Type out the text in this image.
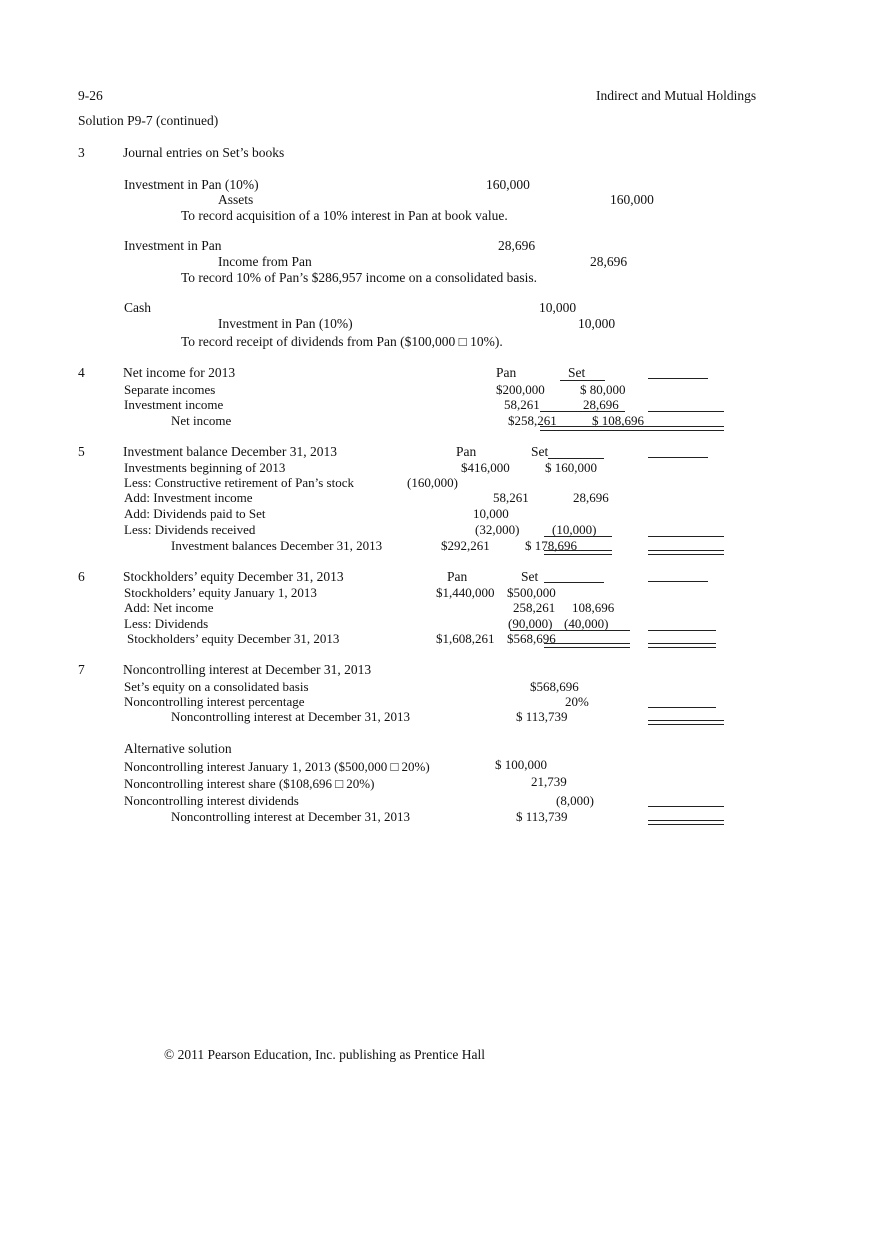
9-26	Indirect and Mutual Holdings
Solution P9-7 (continued)
3	Journal entries on Set’s books
Investment in Pan (10%)	160,000
Assets	160,000
To record acquisition of a 10% interest in Pan at book value.
Investment in Pan	28,696
Income from Pan	28,696
To record 10% of Pan’s $286,957 income on a consolidated basis.
Cash	10,000
Investment in Pan (10%)	10,000
To record receipt of dividends from Pan ($100,000 □ 10%).
4	Net income for 2013	Pan	Set
Separate incomes	$200,000	$ 80,000
Investment income	58,261	28,696
Net income	$258,261	$ 108,696
5	Investment balance December 31, 2013	Pan	Set
Investments beginning of 2013	$416,000	$ 160,000
Less: Constructive retirement of Pan’s stock	(160,000)
Add: Investment income	58,261	28,696
Add: Dividends paid to Set	10,000
Less: Dividends received	(32,000)	(10,000)
Investment balances December 31, 2013	$292,261	$ 178,696
6	Stockholders’ equity December 31, 2013	Pan	Set
Stockholders’ equity January 1, 2013	$1,440,000 $500,000
Add: Net income	258,261 108,696
Less: Dividends	(90,000) (40,000)
Stockholders’ equity December 31, 2013	$1,608,261 $568,696
7	Noncontrolling interest at December 31, 2013
Set’s equity on a consolidated basis	$568,696
Noncontrolling interest percentage	20%
Noncontrolling interest at December 31, 2013	$ 113,739
Alternative solution
Noncontrolling interest January 1, 2013 ($500,000 □ 20%)	$ 100,000
Noncontrolling interest share ($108,696 □ 20%)	21,739
Noncontrolling interest dividends	(8,000)
Noncontrolling interest at December 31, 2013	$ 113,739
© 2011 Pearson Education, Inc. publishing as Prentice Hall
